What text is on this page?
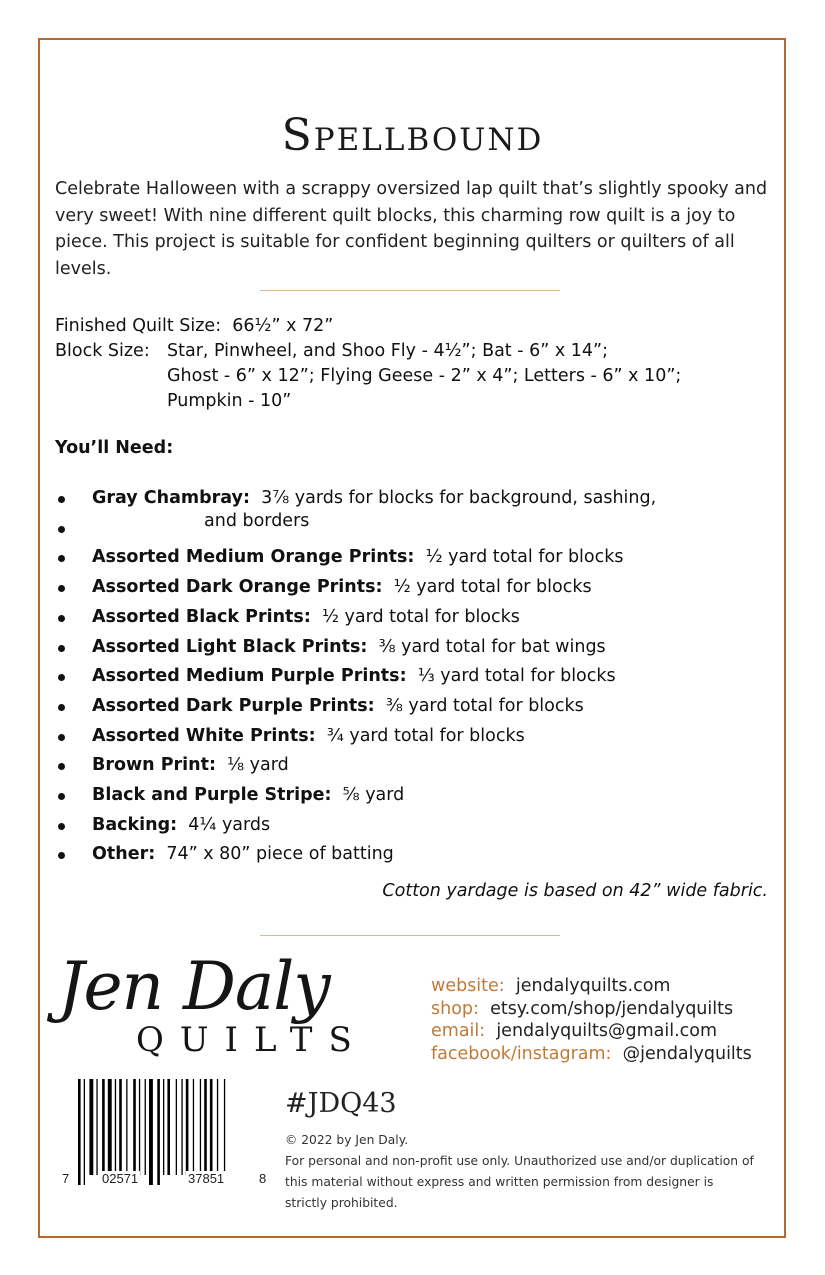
Spellbound
Celebrate Halloween with a scrappy oversized lap quilt that’s slightly spooky and very sweet! With nine different quilt blocks, this charming row quilt is a joy to piece. This project is suitable for confident beginning quilters or quilters of all levels.
Finished Quilt Size:
66½” x 72”
Block Size: Star, Pinwheel, and Shoo Fly - 4½”; Bat - 6” x 14”;
Ghost - 6” x 12”; Flying Geese - 2” x 4”; Letters - 6” x 10”;
Pumpkin - 10”
You’ll Need:
Gray Chambray: 3⅞ yards for blocks for background, sashing,
and borders
Assorted Medium Orange Prints: ½ yard total for blocks
Assorted Dark Orange Prints: ½ yard total for blocks
Assorted Black Prints: ½ yard total for blocks
Assorted Light Black Prints: ⅜ yard total for bat wings
Assorted Medium Purple Prints: ⅓ yard total for blocks
Assorted Dark Purple Prints: ⅜ yard total for blocks
Assorted White Prints: ¾ yard total for blocks
Brown Print: ⅛ yard
Black and Purple Stripe: ⅝ yard
Backing: 4¼ yards
Other:  74” x 80” piece of batting
Cotton yardage is based on 42” wide fabric.
Jen Daly
QUILTS
website: jendalyquilts.com
shop: etsy.com/shop/jendalyquilts
email: jendalyquilts@gmail.com
facebook/instagram: @jendalyquilts
7	02571	37851	8
#JDQ43
© 2022 by Jen Daly.
For personal and non-profit use only. Unauthorized use and/or duplication of this material without express and written permission from designer is strictly prohibited.
